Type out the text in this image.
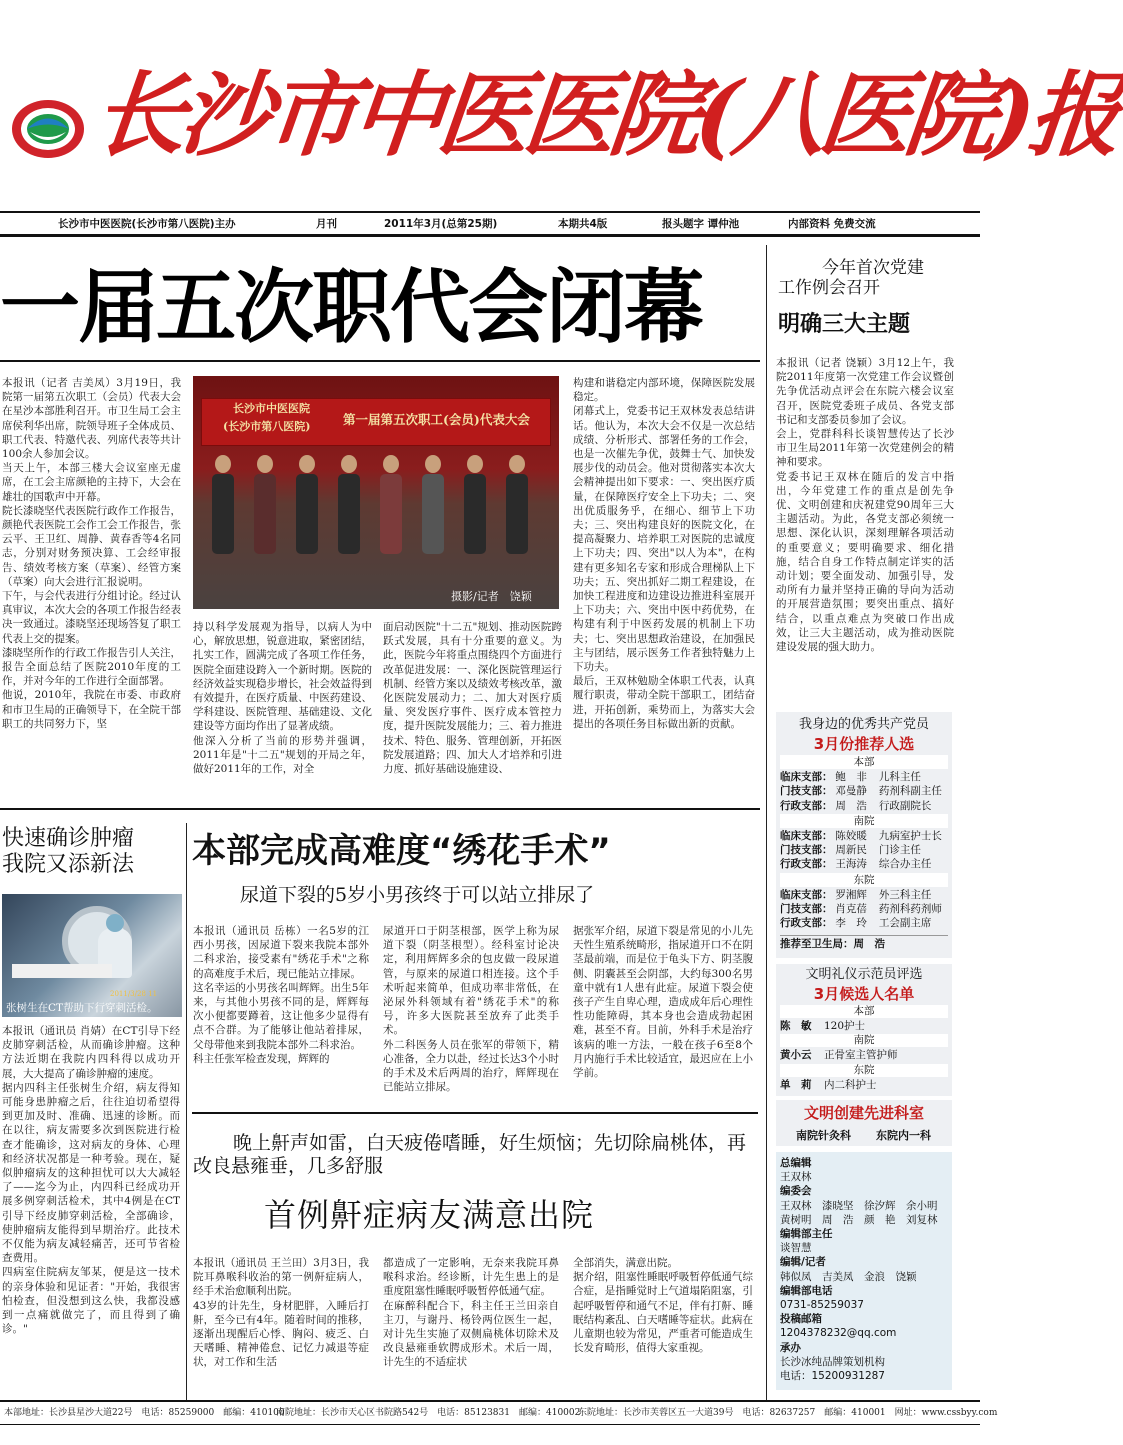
长沙市中医医院(八医院)报
长沙市中医医院(长沙市第八医院)主办	月刊	2011年3月(总第25期)	本期共4版	报头题字 谭仲池	内部资料 免费交流
一届五次职代会闭幕
本报讯（记者 吉美凤）3月19日，我院第一届第五次职工（会员）代表大会在星沙本部胜利召开。市卫生局工会主席侯利华出席，院领导班子全体成员、职工代表、特邀代表、列席代表等共计100余人参加会议。
当天上午，本部三楼大会议室座无虚席，在工会主席颜艳的主持下，大会在雄壮的国歌声中开幕。
院长漆晓坚代表医院行政作工作报告，颜艳代表医院工会作工会工作报告，张云平、王卫红、周静、黄春香等4名同志，分别对财务预决算、工会经审报告、绩效考核方案（草案）、经管方案（草案）向大会进行汇报说明。
下午，与会代表进行分组讨论。经过认真审议，本次大会的各项工作报告经表决一致通过。漆晓坚还现场答复了职工代表上交的提案。
漆晓坚所作的行政工作报告引人关注，报告全面总结了医院2010年度的工作，并对今年的工作进行全面部署。
他说，2010年，我院在市委、市政府和市卫生局的正确领导下，在全院干部职工的共同努力下，坚
长沙市中医医院
(长沙市第八医院)	第一届第五次职工(会员)代表大会
摄影/记者　饶颖
持以科学发展观为指导，以病人为中心，解放思想，锐意进取，紧密团结，扎实工作，圆满完成了各项工作任务，医院全面建设跨入一个新时期。医院的经济效益实现稳步增长，社会效益得到有效提升，在医疗质量、中医药建设、学科建设、医院管理、基础建设、文化建设等方面均作出了显著成绩。
他深入分析了当前的形势并强调，2011年是"十二五"规划的开局之年，做好2011年的工作，对全
面启动医院"十二五"规划、推动医院跨跃式发展，具有十分重要的意义。为此，医院今年将重点围绕四个方面进行改革促进发展：一、深化医院管理运行机制、经管方案以及绩效考核改革，激化医院发展动力；二、加大对医疗质量、突发医疗事件、医疗成本管控力度，提升医院发展能力；三、着力推进技术、特色、服务、管理创新，开拓医院发展道路；四、加大人才培养和引进力度、抓好基础设施建设、
构建和谐稳定内部环境，保障医院发展稳定。
闭幕式上，党委书记王双林发表总结讲话。他认为，本次大会不仅是一次总结成绩、分析形式、部署任务的工作会，也是一次催先争优，鼓舞士气、加快发展步伐的动员会。他对贯彻落实本次大会精神提出如下要求：一、突出医疗质量，在保障医疗安全上下功夫；二、突出优质服务乎，在细心、细节上下功夫；三、突出构建良好的医院文化，在提高凝聚力、培养职工对医院的忠诚度上下功夫；四、突出"以人为本"，在构建有更多知名专家和形成合理梯队上下功夫；五、突出抓好二期工程建设，在加快工程进度和边建设边推进科室展开上下功夫；六、突出中医中药优势，在构建有利于中医药发展的机制上下功夫；七、突出思想政治建设，在加强民主与团结，展示医务工作者独特魅力上下功夫。
最后，王双林勉励全体职工代表，认真履行职责，带动全院干部职工，团结奋进，开拓创新，乘势而上，为落实大会提出的各项任务目标做出新的贡献。
今年首次党建
工作例会召开
明确三大主题
本报讯（记者 饶颖）3月12上午，我院2011年度第一次党建工作会议暨创先争优活动点评会在东院六楼会议室召开，医院党委班子成员、各党支部书记和支部委员参加了会议。
会上，党群科科长谈智慧传达了长沙市卫生局2011年第一次党建例会的精神和要求。
党委书记王双林在随后的发言中指出，今年党建工作的重点是创先争优、文明创建和庆祝建党90周年三大主题活动。为此，各党支部必须统一思想、深化认识，深刻理解各项活动的重要意义；要明确要求、细化措施，结合自身工作特点制定详实的活动计划；要全面发动、加强引导，发动所有力量并坚持正确的导向为活动的开展营造氛围；要突出重点、搞好结合，以重点难点为突破口作出成效，让三大主题活动，成为推动医院建设发展的强大助力。
我身边的优秀共产党员
3月份推荐人选
本部
临床支部： 鲍　非	儿科主任
门技支部： 邓曼静	药剂科副主任
行政支部： 周　浩	行政副院长
南院
临床支部： 陈姣暖	九病室护士长
门技支部： 周新民	门诊主任
行政支部： 王海涛	综合办主任
东院
临床支部： 罗湘辉	外三科主任
门技支部： 肖克蓓	药剂科药剂师
行政支部： 李　玲	工会副主席
推荐至卫生局：周　浩
文明礼仪示范员评选
3月候选人名单
本部
陈　敏	120护士
南院
黄小云	正骨室主管护师
东院
单　莉	内二科护士
文明创建先进科室
南院针灸科 东院内一科
总编辑
王双林
编委会
王双林　漆晓坚　徐汐辉　余小明
黄树明　周　浩　颜　艳　刘复林
编辑部主任
谈智慧
编辑/记者
韩似凤　吉美凤　金浪　饶颖
编辑部电话
0731-85259037
投稿邮箱
1204378232@qq.com
承办
长沙冰纯品牌策划机构
电话：15200931287
快速确诊肿瘤
我院又添新法
2011/3/28 11
张树生在CT帮助下行穿刺活检。
本报讯（通讯员 肖婧）在CT引导下经皮肺穿刺活检，从而确诊肿瘤。这种方法近期在我院内四科得以成功开展，大大提高了确诊肿瘤的速度。
据内四科主任张树生介绍，病友得知可能身患肿瘤之后，往往迫切希望得到更加及时、准确、迅速的诊断。而在以往，病友需要多次到医院进行检查才能确诊，这对病友的身体、心理和经济状况都是一种考验。现在，疑似肿瘤病友的这种担忧可以大大减轻了——迄今为止，内四科已经成功开展多例穿刺活检术，其中4例是在CT引导下经皮肺穿刺活检，全部确诊，使肿瘤病友能得到早期治疗。此技术不仅能为病友减轻痛苦，还可节省检查费用。
四病室住院病友邹某，便是这一技术的亲身体验和见证者："开始，我很害怕检查，但没想到这么快，我都没感到一点痛就做完了，而且得到了确诊。"
本部完成高难度“绣花手术”
尿道下裂的5岁小男孩终于可以站立排尿了
本报讯（通讯员 岳栋）一名5岁的江西小男孩，因尿道下裂来我院本部外二科求治，接受素有"绣花手术"之称的高难度手术后，现已能站立排尿。
这名幸运的小男孩名叫辉辉。出生5年来，与其他小男孩不同的是，辉辉每次小便都要蹲着，这让他多少显得有点不合群。为了能够让他站着排尿，父母带他来到我院本部外二科求治。
科主任张军检查发现，辉辉的
尿道开口于阴茎根部，医学上称为尿道下裂（阴茎根型）。经科室讨论决定，利用辉辉多余的包皮做一段尿道管，与原来的尿道口相连接。这个手术听起来简单，但成功率非常低，在泌尿外科领域有着"绣花手术"的称号，许多大医院甚至放弃了此类手术。
外二科医务人员在张军的带领下，精心准备，全力以赴，经过长达3个小时的手术及术后两周的治疗，辉辉现在已能站立排尿。
据张军介绍，尿道下裂是常见的小儿先天性生殖系统畸形，指尿道开口不在阴茎最前端，而是位于龟头下方、阴茎腹侧、阴囊甚至会阴部，大约每300名男童中就有1人患有此症。尿道下裂会使孩子产生自卑心理，造成成年后心理性性功能障碍，其本身也会造成勃起困难，甚至不育。目前，外科手术是治疗该病的唯一方法，一般在孩子6至8个月内施行手术比较适宜，最迟应在上小学前。
晚上鼾声如雷，白天疲倦嗜睡，好生烦恼；先切除扁桃体，再改良悬雍垂，几多舒服
首例鼾症病友满意出院
本报讯（通讯员 王兰田）3月3日，我院耳鼻喉科收治的第一例鼾症病人，经手术治愈顺利出院。
43岁的计先生，身材肥胖，入睡后打鼾，至今已有4年。随着时间的推移，逐渐出现醒后心悸、胸闷、疲乏、白天嗜睡、精神倦怠、记忆力减退等症状，对工作和生活
都造成了一定影响，无奈来我院耳鼻喉科求治。经诊断，计先生患上的是重度阻塞性睡眠呼吸暂停低通气症。
在麻醉科配合下，科主任王兰田亲自主刀，与谢丹、杨铃两位医生一起，对计先生实施了双侧扁桃体切除术及改良悬雍垂软腭成形术。术后一周，计先生的不适症状
全部消失，满意出院。
据介绍，阻塞性睡眠呼吸暂停低通气综合症，是指睡觉时上气道塌陷阻塞，引起呼吸暂停和通气不足，伴有打鼾、睡眠结构紊乱、白天嗜睡等症状。此病在儿童期也较为常见，严重者可能造成生长发育畸形，值得大家重视。
本部地址：长沙县星沙大道22号　电话：85259000　邮编：410100
南院地址：长沙市天心区书院路542号　电话：85123831　邮编：410002
东院地址：长沙市芙蓉区五一大道39号　电话：82637257　邮编：410001　网址：www.cssbyy.com
